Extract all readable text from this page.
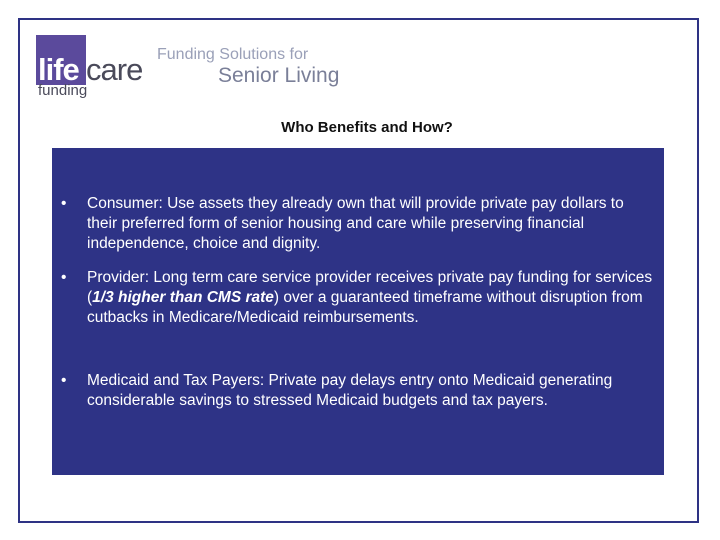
life care
funding
Funding Solutions for
Senior Living
Who Benefits and How?
• Consumer: Use assets they already own that will provide private pay dollars to their preferred form of senior housing and care while preserving financial independence, choice and dignity.
• Provider: Long term care service provider receives private pay funding for services (1/3 higher than CMS rate) over a guaranteed timeframe without disruption from cutbacks in Medicare/Medicaid reimbursements.
• Medicaid and Tax Payers: Private pay delays entry onto Medicaid generating considerable savings to stressed Medicaid budgets and tax payers.
